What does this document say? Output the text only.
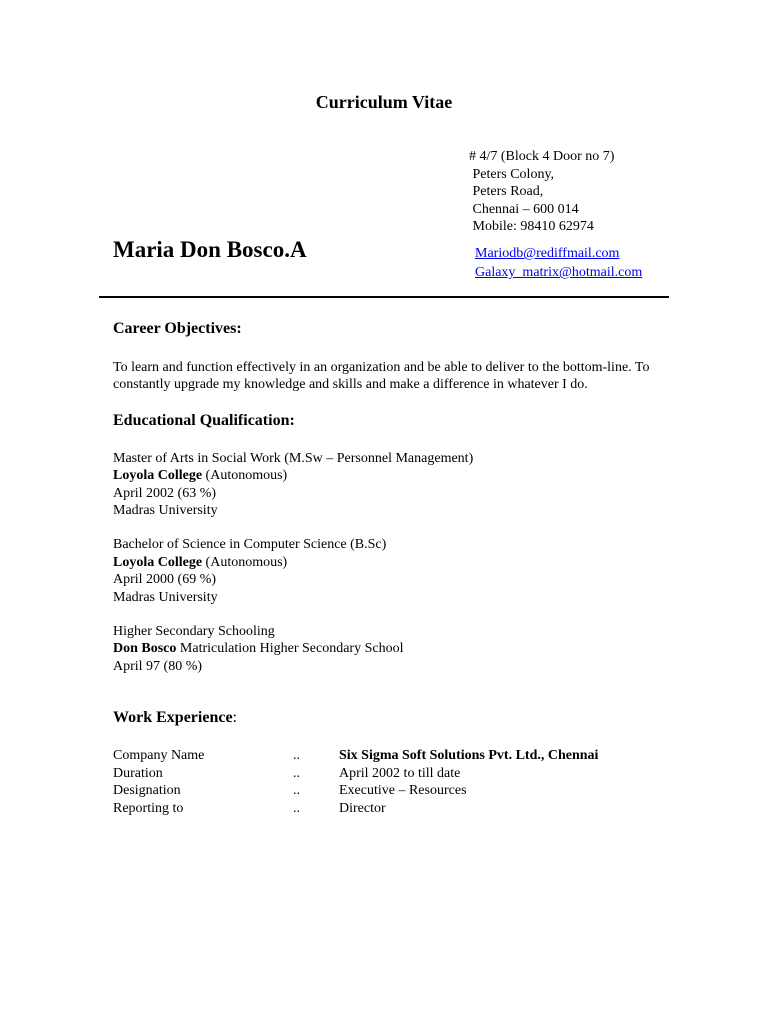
Curriculum Vitae
# 4/7 (Block 4 Door no 7)
Peters Colony,
Peters Road,
Chennai – 600 014
Mobile: 98410 62974
Mariodb@rediffmail.com
Galaxy_matrix@hotmail.com
Maria Don Bosco.A
Career Objectives:

To learn and function effectively in an organization and be able to deliver to the bottom-line. To constantly upgrade my knowledge and skills and make a difference in whatever I do.

Educational Qualification:

Master of Arts in Social Work (M.Sw – Personnel Management)

Loyola College (Autonomous)

April 2002 (63 %)

Madras University

Bachelor of Science in Computer Science (B.Sc)

Loyola College (Autonomous)

April 2000 (69 %)

Madras University

Higher Secondary Schooling

Don Bosco Matriculation Higher Secondary School

April 97 (80 %)

Work Experience:
Company Name	..	Six Sigma Soft Solutions Pvt. Ltd., Chennai
Duration	..	April 2002 to till date
Designation	..	Executive – Resources
Reporting to	..	Director
